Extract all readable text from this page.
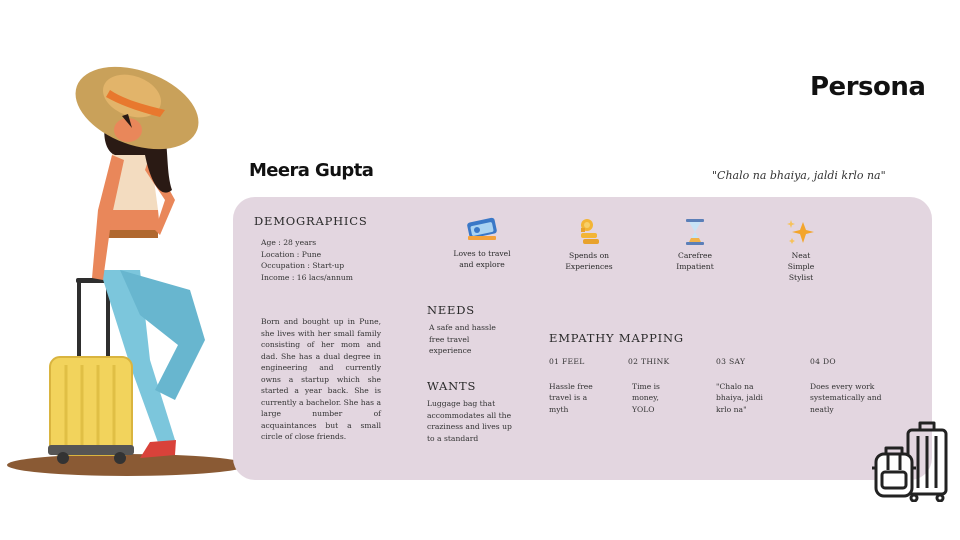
Persona
Meera Gupta	"Chalo na bhaiya, jaldi krlo na"
DEMOGRAPHICS
Age : 28 years
Location : Pune
Occupation : Start-up
Income : 16 lacs/annum
Born and bought up in Pune, she lives with her small family consisting of her mom and dad. She has a dual degree in engineering and currently owns a startup which she started a year back. She is currently a bachelor. She has a large number of acquaintances but a small circle of close friends.
Loves to travel
and explore
Spends on
Experiences
Carefree
Impatient
Neat
Simple
Stylist
NEEDS
A safe and hassle free travel experience
WANTS
Luggage bag that accommodates all the craziness and lives up to a standard
EMPATHY MAPPING
01 FEEL
Hassle free travel is a myth
02 THINK
Time is money, YOLO
03 SAY
"Chalo na bhaiya, jaldi krlo na"
04 DO
Does every work systematically and neatly
